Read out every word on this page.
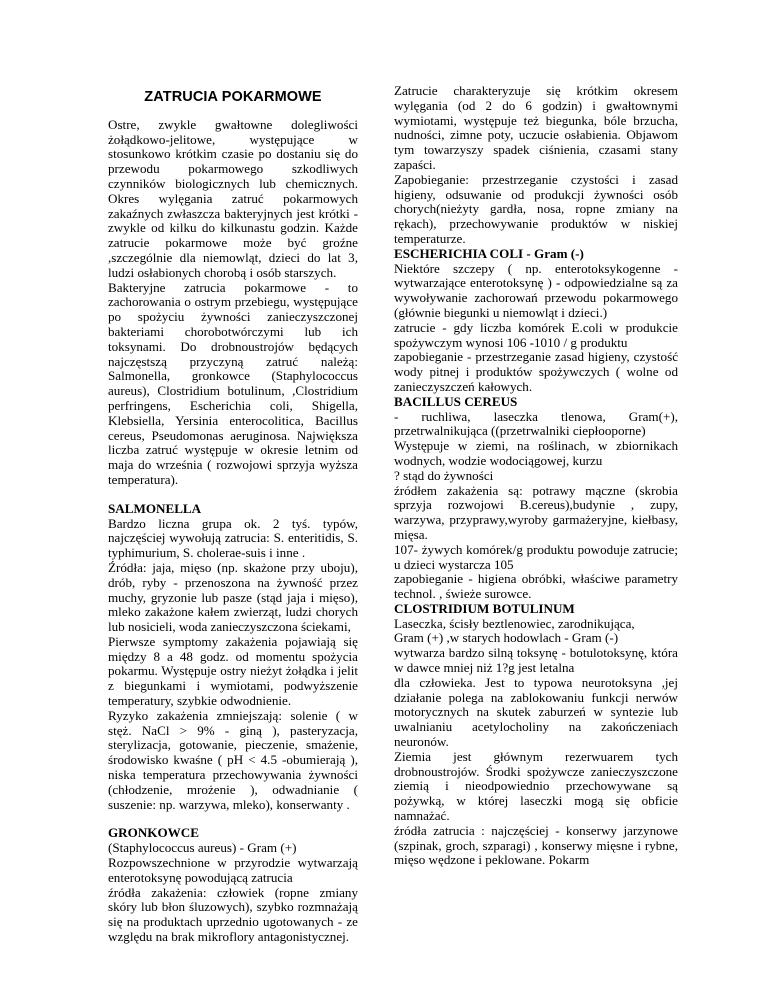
ZATRUCIA POKARMOWE

Ostre, zwykle gwałtowne dolegliwości żołądkowo-jelitowe, występujące w stosunkowo krótkim czasie po dostaniu się do przewodu pokarmowego szkodliwych czynników biologicznych lub chemicznych. Okres wylęgania zatruć pokarmowych zakaźnych zwłaszcza bakteryjnych jest krótki - zwykle od kilku do kilkunastu godzin. Każde zatrucie pokarmowe może być groźne ,szczególnie dla niemowląt, dzieci do lat 3, ludzi osłabionych chorobą i osób starszych.

Bakteryjne zatrucia pokarmowe - to zachorowania o ostrym przebiegu, występujące po spożyciu żywności zanieczyszczonej bakteriami chorobotwórczymi lub ich toksynami. Do drobnoustrojów będących najczęstszą przyczyną zatruć należą: Salmonella, gronkowce (Staphylococcus aureus), Clostridium botulinum, ,Clostridium perfringens, Escherichia coli, Shigella, Klebsiella, Yersinia enterocolitica, Bacillus cereus, Pseudomonas aeruginosa. Największa liczba zatruć występuje w okresie letnim od maja do września ( rozwojowi sprzyja wyższa temperatura).

SALMONELLA

Bardzo liczna grupa ok. 2 tyś. typów, najczęściej wywołują zatrucia: S. enteritidis, S. typhimurium, S. cholerae-suis i inne .

Źródła: jaja, mięso (np. skażone przy uboju), drób, ryby - przenoszona na żywność przez muchy, gryzonie lub pasze (stąd jaja i mięso), mleko zakażone kałem zwierząt, ludzi chorych lub nosicieli, woda zanieczyszczona ściekami,

Pierwsze symptomy zakażenia pojawiają się między 8 a 48 godz. od momentu spożycia pokarmu. Występuje ostry nieżyt żołądka i jelit z biegunkami i wymiotami, podwyższenie temperatury, szybkie odwodnienie.

Ryzyko zakażenia zmniejszają: solenie ( w stęż. NaCl > 9% - giną ), pasteryzacja, sterylizacja, gotowanie, pieczenie, smażenie, środowisko kwaśne ( pH < 4.5 -obumierają ), niska temperatura przechowywania żywności (chłodzenie, mrożenie ), odwadnianie ( suszenie: np. warzywa, mleko), konserwanty .

GRONKOWCE

(Staphylococcus aureus) - Gram (+)

Rozpowszechnione w przyrodzie wytwarzają enterotoksynę powodującą zatrucia

źródła zakażenia: człowiek (ropne zmiany skóry lub błon śluzowych), szybko rozmnażają się na produktach uprzednio ugotowanych - ze względu na brak mikroflory antagonistycznej.

Zatrucie charakteryzuje się krótkim okresem wylęgania (od 2 do 6 godzin) i gwałtownymi wymiotami, występuje też biegunka, bóle brzucha, nudności, zimne poty, uczucie osłabienia. Objawom tym towarzyszy spadek ciśnienia, czasami stany zapaści.

Zapobieganie: przestrzeganie czystości i zasad higieny, odsuwanie od produkcji żywności osób chorych(nieżyty gardła, nosa, ropne zmiany na rękach), przechowywanie produktów w niskiej temperaturze.

ESCHERICHIA COLI - Gram (-)

Niektóre szczepy ( np. enterotoksykogenne - wytwarzające enterotoksynę ) - odpowiedzialne są za wywoływanie zachorowań przewodu pokarmowego (głównie biegunki u niemowląt i dzieci.)

zatrucie - gdy liczba komórek E.coli w produkcie spożywczym wynosi 106 -1010 / g produktu

zapobieganie - przestrzeganie zasad higieny, czystość wody pitnej i produktów spożywczych ( wolne od zanieczyszczeń kałowych.

BACILLUS CEREUS

- ruchliwa, laseczka tlenowa, Gram(+), przetrwalnikująca ((przetrwalniki ciepłooporne)

Występuje w ziemi, na roślinach, w zbiornikach wodnych, wodzie wodociągowej, kurzu

? stąd do żywności

źródłem zakażenia są: potrawy mączne (skrobia sprzyja rozwojowi B.cereus),budynie , zupy, warzywa, przyprawy,wyroby garmażeryjne, kiełbasy, mięsa.

107- żywych komórek/g produktu powoduje zatrucie; u dzieci wystarcza 105

zapobieganie - higiena obróbki, właściwe parametry technol. , świeże surowce.

CLOSTRIDIUM BOTULINUM

Laseczka, ścisły beztlenowiec, zarodnikująca,

Gram (+) ,w starych hodowlach - Gram (-)

wytwarza bardzo silną toksynę - botulotoksynę, która w dawce mniej niż 1?g jest letalna

dla człowieka. Jest to typowa neurotoksyna ,jej działanie polega na zablokowaniu funkcji nerwów motorycznych na skutek zaburzeń w syntezie lub uwalnianiu acetylocholiny na zakończeniach neuronów.

Ziemia jest głównym rezerwuarem tych drobnoustrojów. Środki spożywcze zanieczyszczone ziemią i nieodpowiednio przechowywane są pożywką, w której laseczki mogą się obficie namnażać.

źródła zatrucia : najczęściej - konserwy jarzynowe (szpinak, groch, szparagi) , konserwy mięsne i rybne, mięso wędzone i peklowane. Pokarm
